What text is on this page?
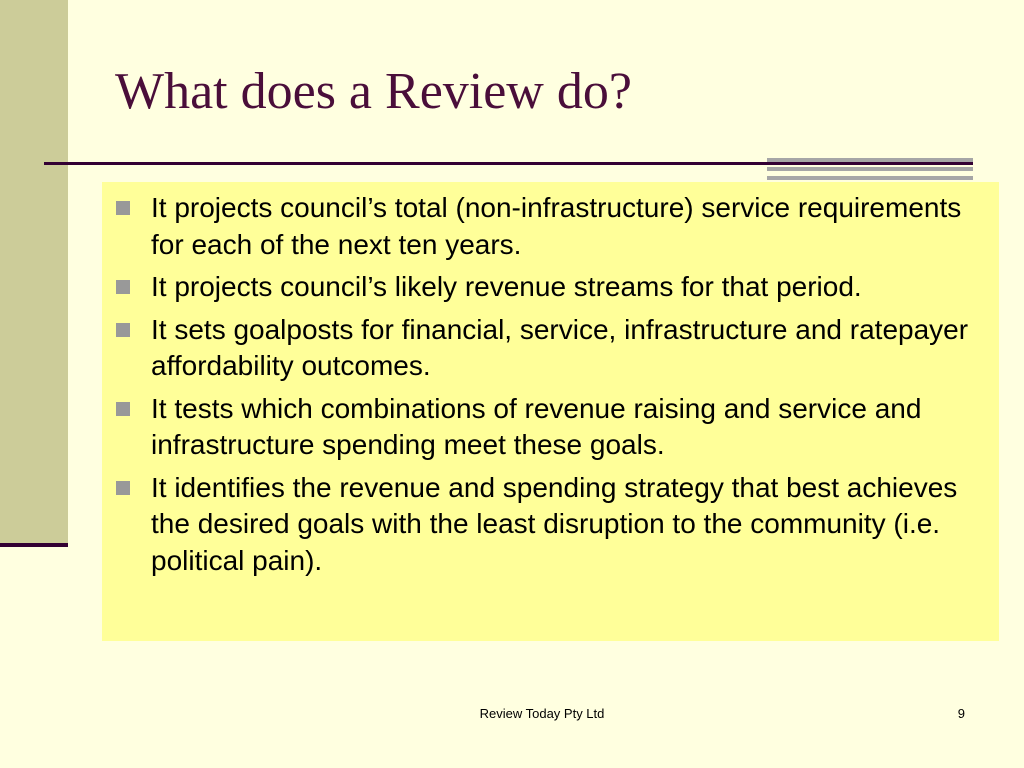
What does a Review do?
It projects council’s total (non-infrastructure) service requirements for each of the next ten years.
It projects council’s likely revenue streams for that period.
It sets goalposts for financial, service, infrastructure and ratepayer affordability outcomes.
It tests which combinations of revenue raising and service and infrastructure spending meet these goals.
It identifies the revenue and spending strategy that best achieves the desired goals with the least disruption to the community (i.e. political pain).
Review Today Pty Ltd	9
